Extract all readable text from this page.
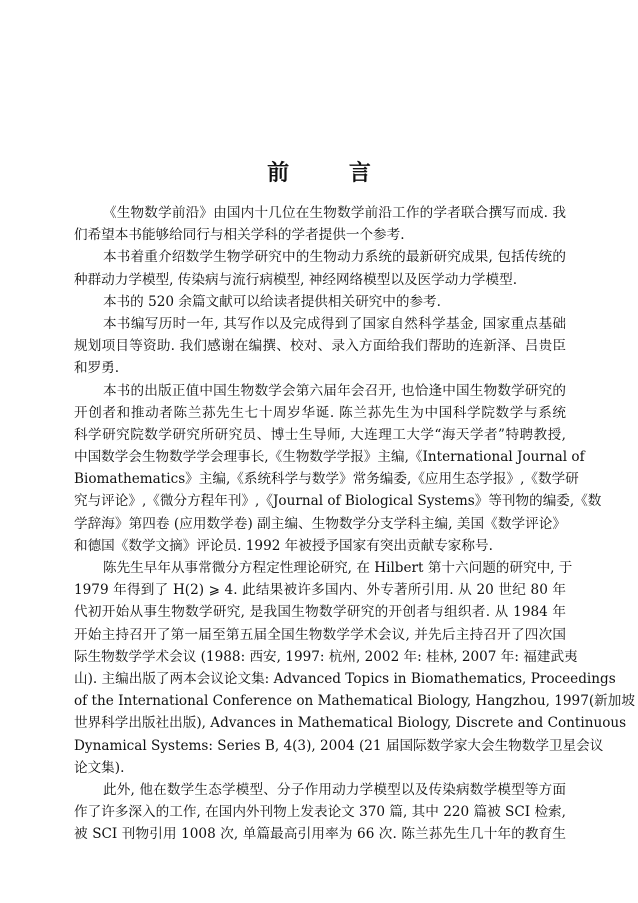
前 言
《生物数学前沿》由国内十几位在生物数学前沿工作的学者联合撰写而成. 我
们希望本书能够给同行与相关学科的学者提供一个参考.
本书着重介绍数学生物学研究中的生物动力系统的最新研究成果, 包括传统的
种群动力学模型, 传染病与流行病模型, 神经网络模型以及医学动力学模型.
本书的 520 余篇文献可以给读者提供相关研究中的参考.
本书编写历时一年, 其写作以及完成得到了国家自然科学基金, 国家重点基础
规划项目等资助. 我们感谢在编撰、校对、录入方面给我们帮助的连新泽、吕贵臣
和罗勇.
本书的出版正值中国生物数学会第六届年会召开, 也恰逢中国生物数学研究的
开创者和推动者陈兰荪先生七十周岁华诞. 陈兰荪先生为中国科学院数学与系统
科学研究院数学研究所研究员、博士生导师, 大连理工大学“海天学者”特聘教授,
中国数学会生物数学学会理事长,《生物数学学报》主编,《International Journal of
Biomathematics》主编,《系统科学与数学》常务编委,《应用生态学报》,《数学研
究与评论》,《微分方程年刊》,《Journal of Biological Systems》等刊物的编委,《数
学辞海》第四卷 (应用数学卷) 副主编、生物数学分支学科主编, 美国《数学评论》
和德国《数学文摘》评论员. 1992 年被授予国家有突出贡献专家称号.
陈先生早年从事常微分方程定性理论研究, 在 Hilbert 第十六问题的研究中, 于
1979 年得到了 H(2) ⩾ 4. 此结果被许多国内、外专著所引用. 从 20 世纪 80 年
代初开始从事生物数学研究, 是我国生物数学研究的开创者与组织者. 从 1984 年
开始主持召开了第一届至第五届全国生物数学学术会议, 并先后主持召开了四次国
际生物数学学术会议 (1988: 西安, 1997: 杭州, 2002 年: 桂林, 2007 年: 福建武夷
山). 主编出版了两本会议论文集: Advanced Topics in Biomathematics, Proceedings
of the International Conference on Mathematical Biology, Hangzhou, 1997(新加坡
世界科学出版社出版), Advances in Mathematical Biology, Discrete and Continuous
Dynamical Systems: Series B, 4(3), 2004 (21 届国际数学家大会生物数学卫星会议
论文集).
此外, 他在数学生态学模型、分子作用动力学模型以及传染病数学模型等方面
作了许多深入的工作, 在国内外刊物上发表论文 370 篇, 其中 220 篇被 SCI 检索,
被 SCI 刊物引用 1008 次, 单篇最高引用率为 66 次. 陈兰荪先生几十年的教育生
